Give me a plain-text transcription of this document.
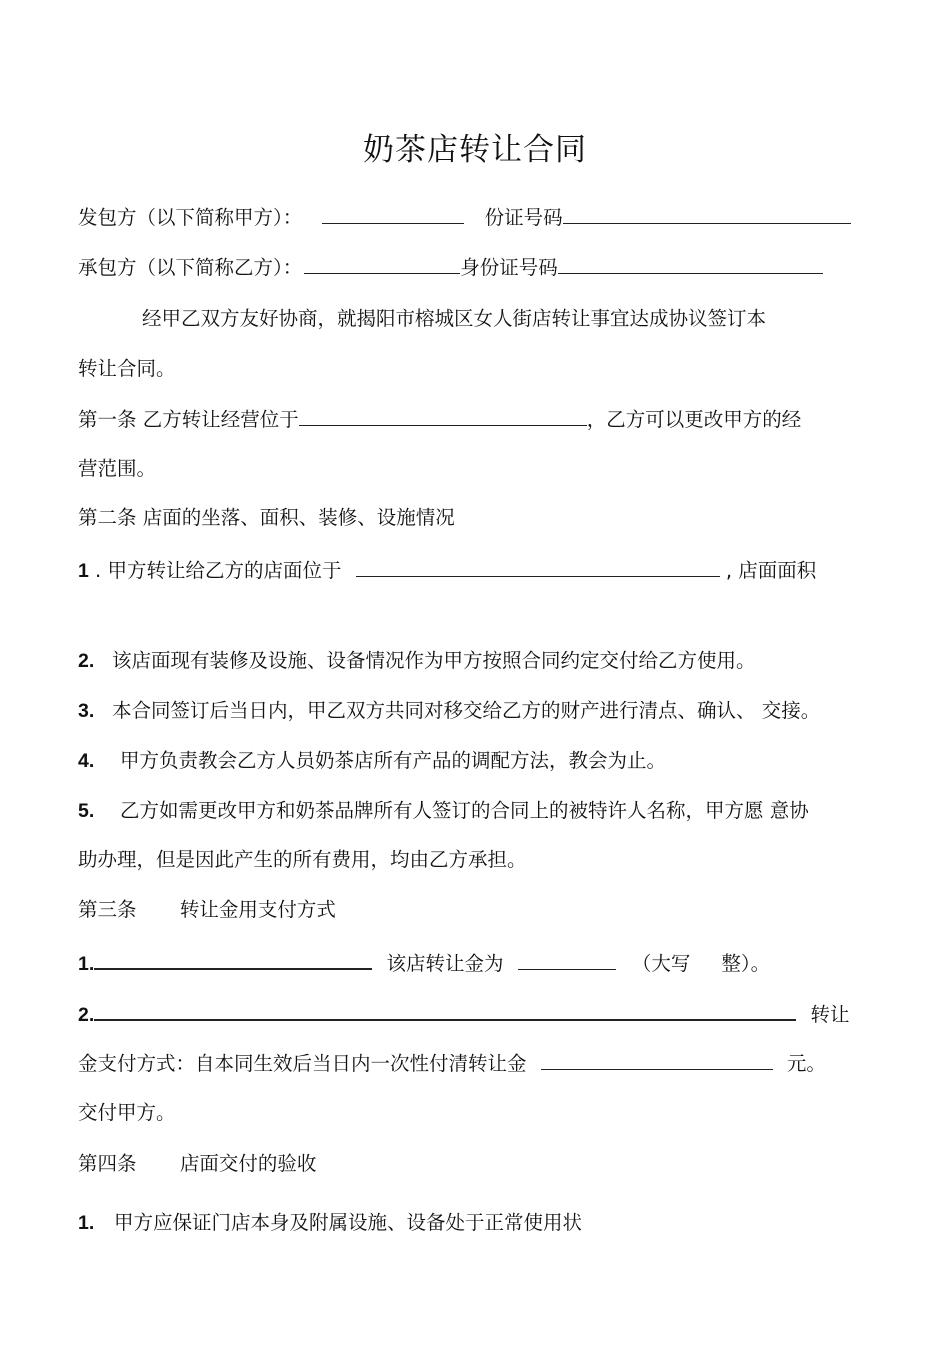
奶茶店转让合同
发包方（以下简称甲方）：	份证号码
承包方（以下简称乙方）：	身份证号码
经甲乙双方友好协商，就揭阳市榕城区女人街店转让事宜达成协议签订本
转让合同。
第一条 乙方转让经营位于	，乙方可以更改甲方的经
营范围。
第二条 店面的坐落、面积、装修、设施情况
1 . 甲方转让给乙方的店面位于	, 店面面积
2. 该店面现有装修及设施、设备情况作为甲方按照合同约定交付给乙方使用。
3. 本合同签订后当日内，甲乙双方共同对移交给乙方的财产进行清点、确认、 交接。
4. 甲方负责教会乙方人员奶茶店所有产品的调配方法，教会为止。
5. 乙方如需更改甲方和奶茶品牌所有人签订的合同上的被特许人名称，甲方愿 意协
助办理，但是因此产生的所有费用，均由乙方承担。
第三条       转让金用支付方式
1.	该店转让金为	（大写     整）。
2.	转让
金支付方式：自本同生效后当日内一次性付清转让金	元。
交付甲方。
第四条       店面交付的验收
1. 甲方应保证门店本身及附属设施、设备处于正常使用状
